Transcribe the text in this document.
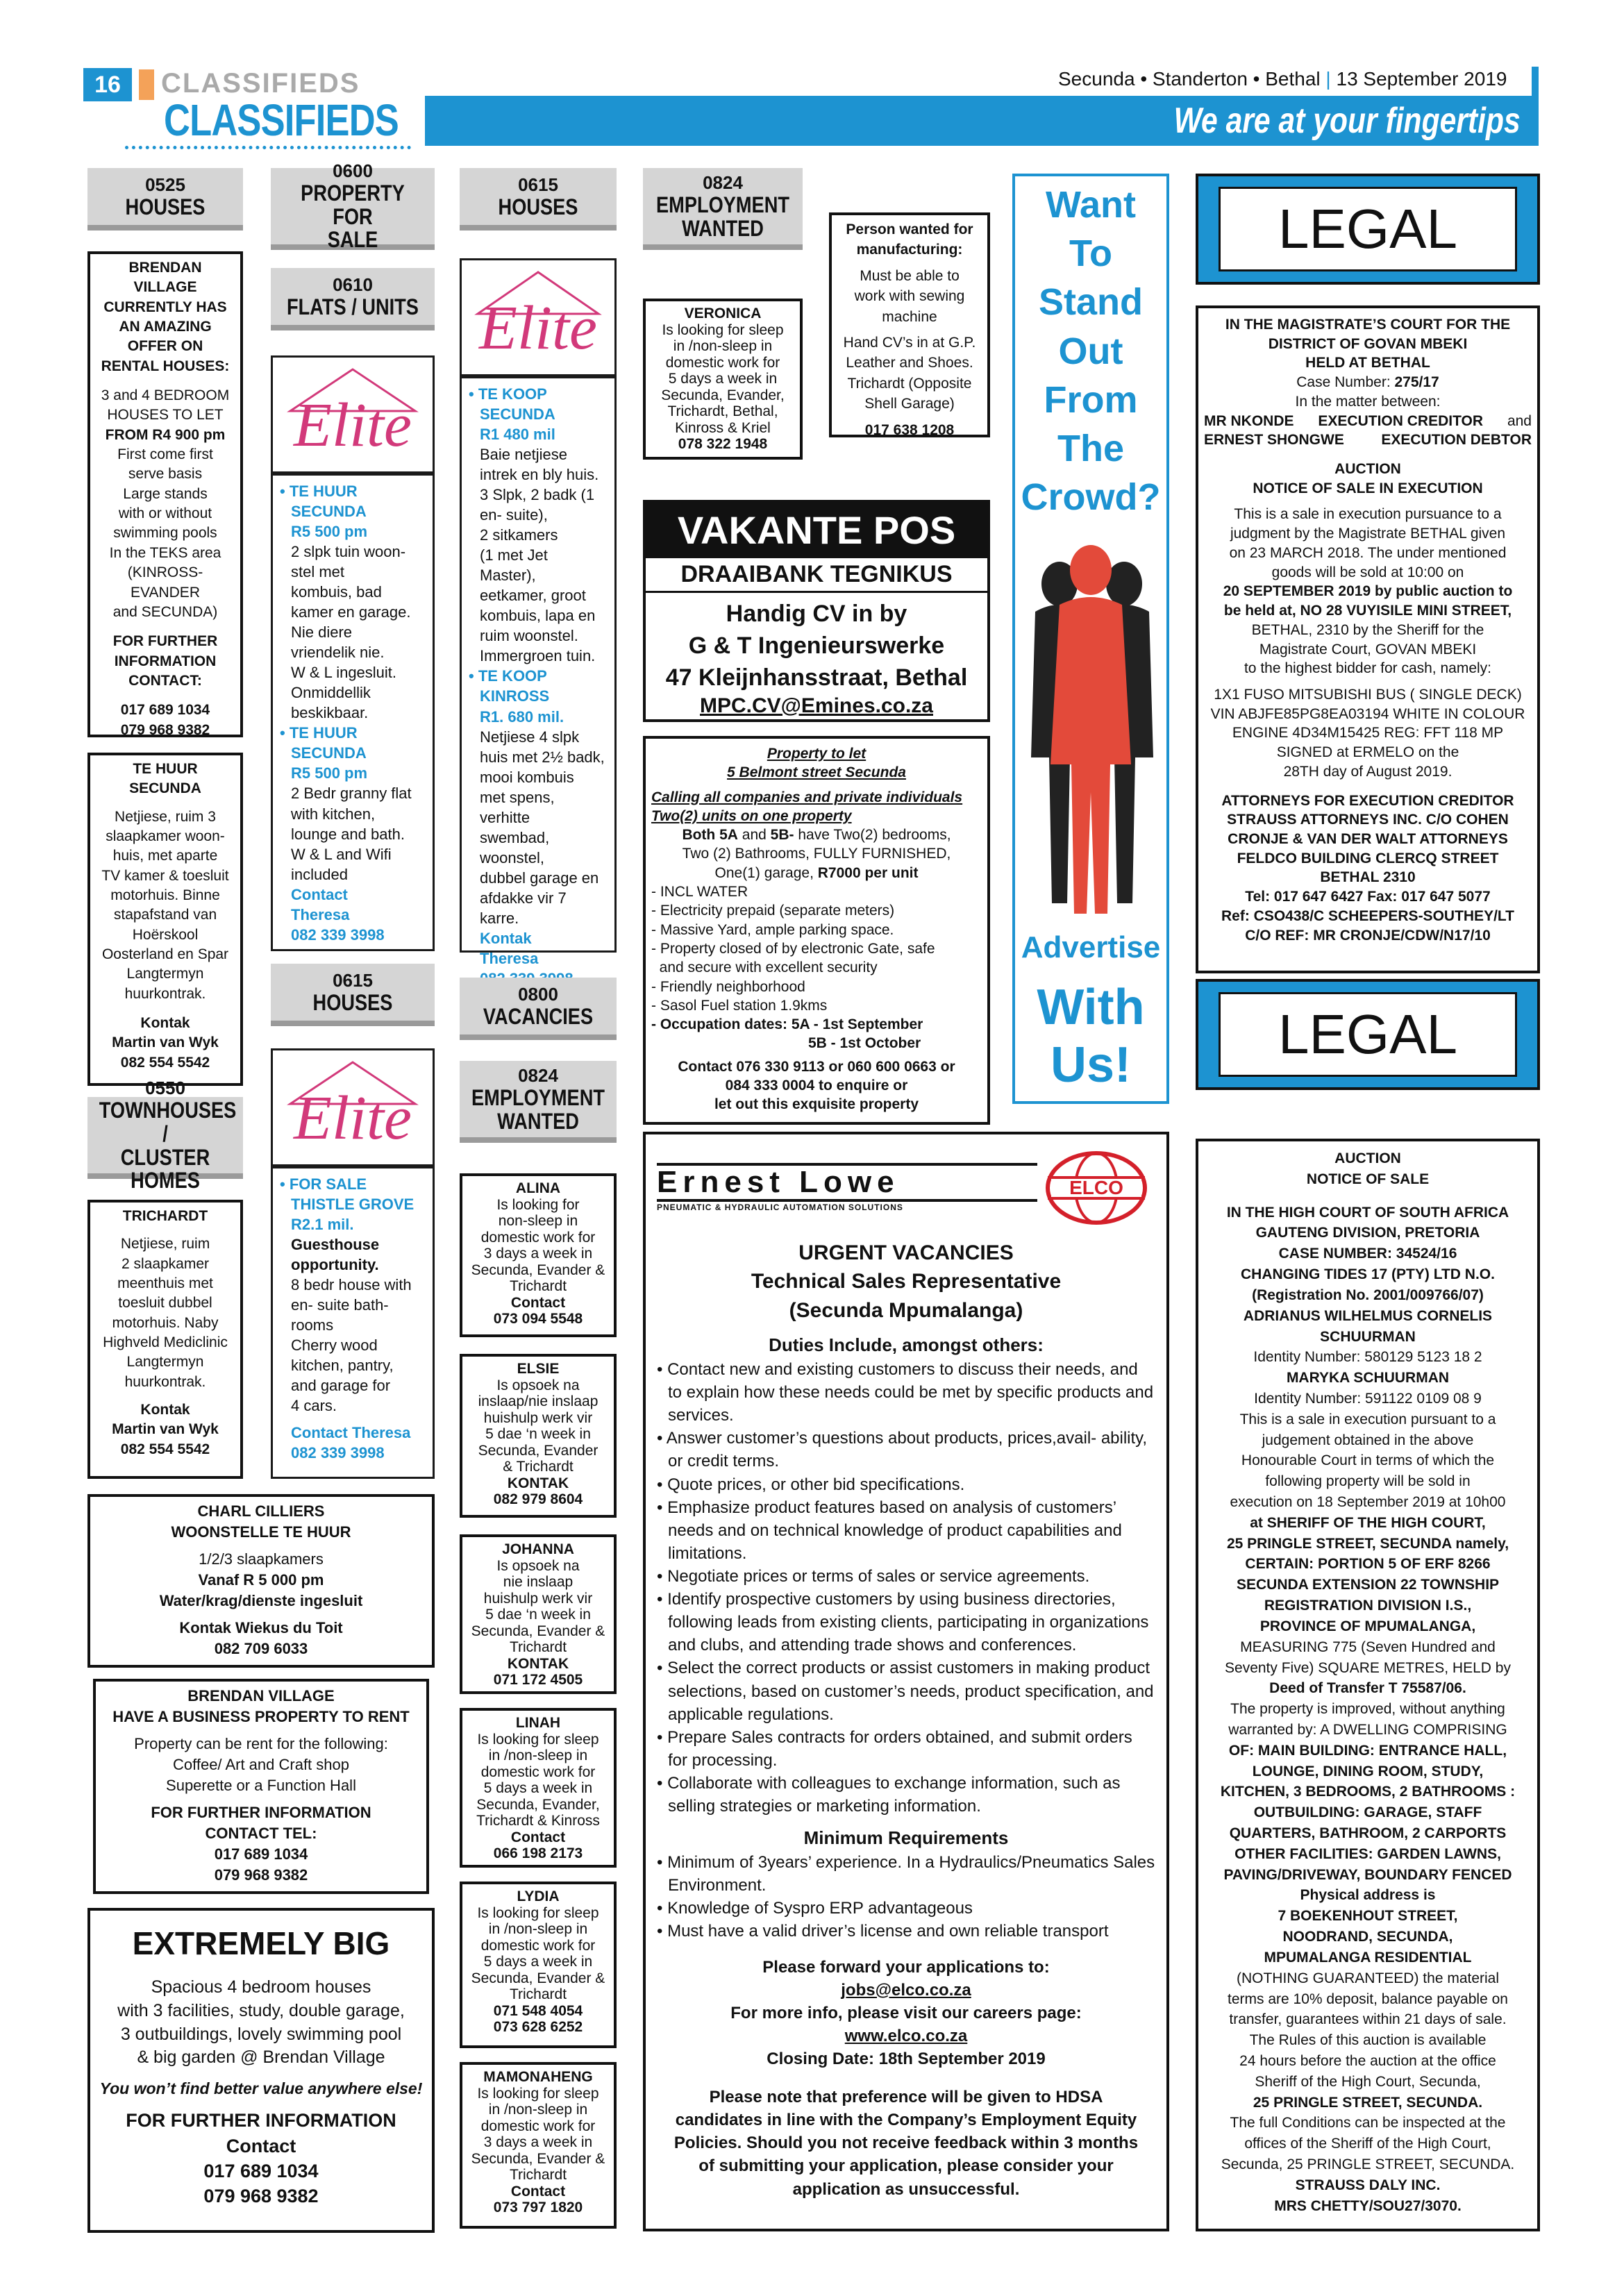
16	CLASSIFIEDS
CLASSIFIEDS
Secunda • Standerton • Bethal | 13 September 2019
We are at your fingertips
0525
HOUSES
BRENDAN
VILLAGE
CURRENTLY HAS
AN AMAZING
OFFER ON
RENTAL HOUSES:
3 and 4 BEDROOM
HOUSES TO LET
FROM R4 900 pm
First come first
serve basis
Large stands
with or without
swimming pools
In the TEKS area
(KINROSS-EVANDER
and SECUNDA)
FOR FURTHER
INFORMATION
CONTACT:
017 689 1034
079 968 9382
TE HUUR
SECUNDA
Netjiese, ruim 3
slaapkamer woon-
huis, met aparte
TV kamer & toesluit
motorhuis. Binne
stapafstand van
Hoërskool
Oosterland en Spar
Langtermyn
huurkontrak.
Kontak
Martin van Wyk
082 554 5542
0550
TOWNHOUSES /
CLUSTER HOMES
TRICHARDT
Netjiese, ruim
2 slaapkamer
meenthuis met
toesluit dubbel
motorhuis. Naby
Highveld Mediclinic
Langtermyn
huurkontrak.
Kontak
Martin van Wyk
082 554 5542
0600
PROPERTY FOR
SALE
0610
FLATS / UNITS
Elite
• TE HUUR
SECUNDA
R5 500 pm
2 slpk tuin woon-
stel met
kombuis, bad
kamer en garage.
Nie diere
vriendelik nie.
W & L ingesluit.
Onmiddellik
beskikbaar.
• TE HUUR
SECUNDA
R5 500 pm
2 Bedr granny flat
with kitchen,
lounge and bath.
W & L and Wifi
included
Contact
Theresa
082 339 3998
0615
HOUSES
Elite
• FOR SALE
THISTLE GROVE
R2.1 mil.
Guesthouse
opportunity.
8 bedr house with
en- suite bath-
rooms
Cherry wood
kitchen, pantry,
and garage for
4 cars.
Contact Theresa
082 339 3998
0615
HOUSES
Elite
• TE KOOP
SECUNDA
R1 480 mil
Baie netjiese
intrek en bly huis.
3 Slpk, 2 badk (1
en- suite),
2 sitkamers
(1 met Jet Master),
eetkamer, groot
kombuis, lapa en
ruim woonstel.
Immergroen tuin.
• TE KOOP
KINROSS
R1. 680 mil.
Netjiese 4 slpk
huis met 2½ badk,
mooi kombuis
met spens, verhitte
swembad,
woonstel,
dubbel garage en
afdakke vir 7 karre.
Kontak
Theresa
0800
VACANCIES
0824
EMPLOYMENT
WANTED
ALINA
Is looking for
non-sleep in
domestic work for
3 days a week in
Secunda, Evander &
Trichardt
Contact
073 094 5548
ELSIE
Is opsoek na
inslaap/nie inslaap
huishulp werk vir
5 dae ‘n week in
Secunda, Evander
& Trichardt
KONTAK
082 979 8604
JOHANNA
Is opsoek na
nie inslaap
huishulp werk vir
5 dae ‘n week in
Secunda, Evander &
Trichardt
KONTAK
071 172 4505
LINAH
Is looking for sleep
in /non-sleep in
domestic work for
5 days a week in
Secunda, Evander,
Trichardt & Kinross
Contact
066 198 2173
LYDIA
Is looking for sleep
in /non-sleep in
domestic work for
5 days a week in
Secunda, Evander &
Trichardt
071 548 4054
073 628 6252
MAMONAHENG
Is looking for sleep
in /non-sleep in
domestic work for
3 days a week in
Secunda, Evander &
Trichardt
Contact
073 797 1820
CHARL CILLIERS
WOONSTELLE TE HUUR
1/2/3 slaapkamers
Vanaf R 5 000 pm
Water/krag/dienste ingesluit
Kontak Wiekus du Toit
082 709 6033
BRENDAN VILLAGE
HAVE A BUSINESS PROPERTY TO RENT
Property can be rent for the following:
Coffee/ Art and Craft shop
Superette or a Function Hall
FOR FURTHER INFORMATION
CONTACT TEL:
017 689 1034
079 968 9382
EXTREMELY BIG
Spacious 4 bedroom houses
with 3 facilities, study, double garage,
3 outbuildings, lovely swimming pool
& big garden @ Brendan Village
You won’t find better value anywhere else!
FOR FURTHER INFORMATION
Contact
017 689 1034
079 968 9382
0824
EMPLOYMENT
WANTED
VERONICA
Is looking for sleep
in /non-sleep in
domestic work for
5 days a week in
Secunda, Evander,
Trichardt, Bethal,
Kinross & Kriel
078 322 1948
Person wanted for
manufacturing:
Must be able to
work with sewing
machine
Hand CV’s in at G.P.
Leather and Shoes.
Trichardt (Opposite
Shell Garage)
017 638 1208
VAKANTE POS
DRAAIBANK TEGNIKUS
Handig CV in by
G & T Ingenieurswerke
47 Kleijnhansstraat, Bethal
MPC.CV@Emines.co.za
Property to let
5 Belmont street Secunda
Calling all companies and private individuals
Two(2) units on one property
Both 5A and 5B- have Two(2) bedrooms,
Two (2) Bathrooms, FULLY FURNISHED,
One(1) garage, R7000 per unit
- INCL WATER
- Electricity prepaid (separate meters)
- Massive Yard, ample parking space.
- Property closed of by electronic Gate, safe
and secure with excellent security
- Friendly neighborhood
- Sasol Fuel station 1.9kms
- Occupation dates: 5A - 1st September
5B - 1st October
Contact 076 330 9113 or 060 600 0663 or
084 333 0004 to enquire or
let out this exquisite property
Want
To
Stand
Out
From
The
Crowd?
Advertise
With
Us!
Ernest Lowe
PNEUMATIC & HYDRAULIC AUTOMATION SOLUTIONS
ELCO
URGENT VACANCIES
Technical Sales Representative
(Secunda Mpumalanga)
Duties Include, amongst others:
• Contact new and existing customers to discuss their needs, and to explain how these needs could be met by specific products and services.
• Answer customer’s questions about products, prices,avail- ability, or credit terms.
• Quote prices, or other bid specifications.
• Emphasize product features based on analysis of customers’ needs and on technical knowledge of product capabilities and limitations.
• Negotiate prices or terms of sales or service agreements.
• Identify prospective customers by using business directories, following leads from existing clients, participating in organizations and clubs, and attending trade shows and conferences.
• Select the correct products or assist customers in making product selections, based on customer’s needs, product specification, and applicable regulations.
• Prepare Sales contracts for orders obtained, and submit orders for processing.
• Collaborate with colleagues to exchange information, such as selling strategies or marketing information.
Minimum Requirements
• Minimum of 3years’ experience. In a Hydraulics/Pneumatics Sales Environment.
• Knowledge of Syspro ERP advantageous
• Must have a valid driver’s license and own reliable transport
Please forward your applications to:
jobs@elco.co.za
For more info, please visit our careers page:
www.elco.co.za
Closing Date: 18th September 2019
Please note that preference will be given to HDSA
candidates in line with the Company’s Employment Equity
Policies. Should you not receive feedback within 3 months
of submitting your application, please consider your
application as unsuccessful.
LEGAL
IN THE MAGISTRATE’S COURT FOR THE
DISTRICT OF GOVAN MBEKI
HELD AT BETHAL
Case Number: 275/17
In the matter between:
MR NKONDE EXECUTION CREDITOR and
ERNEST SHONGWE	EXECUTION DEBTOR
AUCTION
NOTICE OF SALE IN EXECUTION
This is a sale in execution pursuance to a
judgment by the Magistrate BETHAL given
on 23 MARCH 2018. The under mentioned
goods will be sold at 10:00 on
20 SEPTEMBER 2019 by public auction to
be held at, NO 28 VUYISILE MINI STREET,
BETHAL, 2310 by the Sheriff for the
Magistrate Court, GOVAN MBEKI
to the highest bidder for cash, namely:
1X1 FUSO MITSUBISHI BUS ( SINGLE DECK)
VIN ABJFE85PG8EA03194 WHITE IN COLOUR
ENGINE 4D34M15425 REG: FFT 118 MP
SIGNED at ERMELO on the
28TH day of August 2019.
ATTORNEYS FOR EXECUTION CREDITOR
STRAUSS ATTORNEYS INC. C/O COHEN
CRONJE & VAN DER WALT ATTORNEYS
FELDCO BUILDING CLERCQ STREET
BETHAL 2310
Tel: 017 647 6427 Fax: 017 647 5077
Ref: CSO438/C SCHEEPERS-SOUTHEY/LT
C/O REF: MR CRONJE/CDW/N17/10
LEGAL
AUCTION
NOTICE OF SALE
IN THE HIGH COURT OF SOUTH AFRICA
GAUTENG DIVISION, PRETORIA
CASE NUMBER: 34524/16
CHANGING TIDES 17 (PTY) LTD N.O.
(Registration No. 2001/009766/07)
ADRIANUS WILHELMUS CORNELIS
SCHUURMAN
Identity Number: 580129 5123 18 2
MARYKA SCHUURMAN
Identity Number: 591122 0109 08 9
This is a sale in execution pursuant to a
judgement obtained in the above
Honourable Court in terms of which the
following property will be sold in
execution on 18 September 2019 at 10h00
at SHERIFF OF THE HIGH COURT,
25 PRINGLE STREET, SECUNDA namely,
CERTAIN: PORTION 5 OF ERF 8266
SECUNDA EXTENSION 22 TOWNSHIP
REGISTRATION DIVISION I.S.,
PROVINCE OF MPUMALANGA,
MEASURING 775 (Seven Hundred and
Seventy Five) SQUARE METRES, HELD by
Deed of Transfer T 75587/06.
The property is improved, without anything
warranted by: A DWELLING COMPRISING
OF: MAIN BUILDING: ENTRANCE HALL,
LOUNGE, DINING ROOM, STUDY,
KITCHEN, 3 BEDROOMS, 2 BATHROOMS :
OUTBUILDING: GARAGE, STAFF
QUARTERS, BATHROOM, 2 CARPORTS
OTHER FACILITIES: GARDEN LAWNS,
PAVING/DRIVEWAY, BOUNDARY FENCED
Physical address is
7 BOEKENHOUT STREET,
NOODRAND, SECUNDA,
MPUMALANGA RESIDENTIAL
(NOTHING GUARANTEED) the material
terms are 10% deposit, balance payable on
transfer, guarantees within 21 days of sale.
The Rules of this auction is available
24 hours before the auction at the office
Sheriff of the High Court, Secunda,
25 PRINGLE STREET, SECUNDA.
The full Conditions can be inspected at the
offices of the Sheriff of the High Court,
Secunda, 25 PRINGLE STREET, SECUNDA.
STRAUSS DALY INC.
MRS CHETTY/SOU27/3070.
